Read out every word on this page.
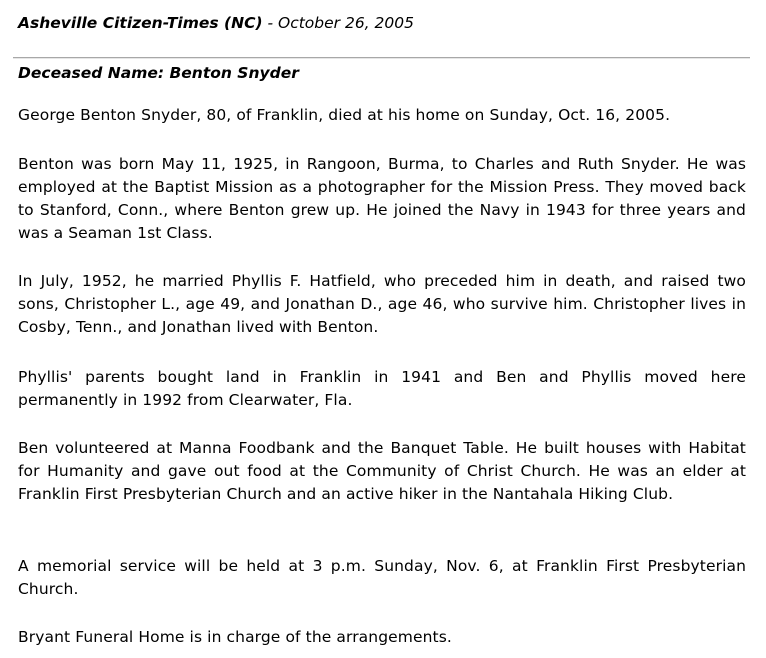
Asheville Citizen-Times (NC) - October 26, 2005
Deceased Name: Benton Snyder

George Benton Snyder, 80, of Franklin, died at his home on Sunday, Oct. 16, 2005.

Benton was born May 11, 1925, in Rangoon, Burma, to Charles and Ruth Snyder. He was employed at the Baptist Mission as a photographer for the Mission Press. They moved back to Stanford, Conn., where Benton grew up. He joined the Navy in 1943 for three years and was a Seaman 1st Class.

In July, 1952, he married Phyllis F. Hatfield, who preceded him in death, and raised two sons, Christopher L., age 49, and Jonathan D., age 46, who survive him. Christopher lives in Cosby, Tenn., and Jonathan lived with Benton.

Phyllis' parents bought land in Franklin in 1941 and Ben and Phyllis moved here permanently in 1992 from Clearwater, Fla.

Ben volunteered at Manna Foodbank and the Banquet Table. He built houses with Habitat for Humanity and gave out food at the Community of Christ Church. He was an elder at Franklin First Presbyterian Church and an active hiker in the Nantahala Hiking Club.

A memorial service will be held at 3 p.m. Sunday, Nov. 6, at Franklin First Presbyterian Church.

Bryant Funeral Home is in charge of the arrangements.
